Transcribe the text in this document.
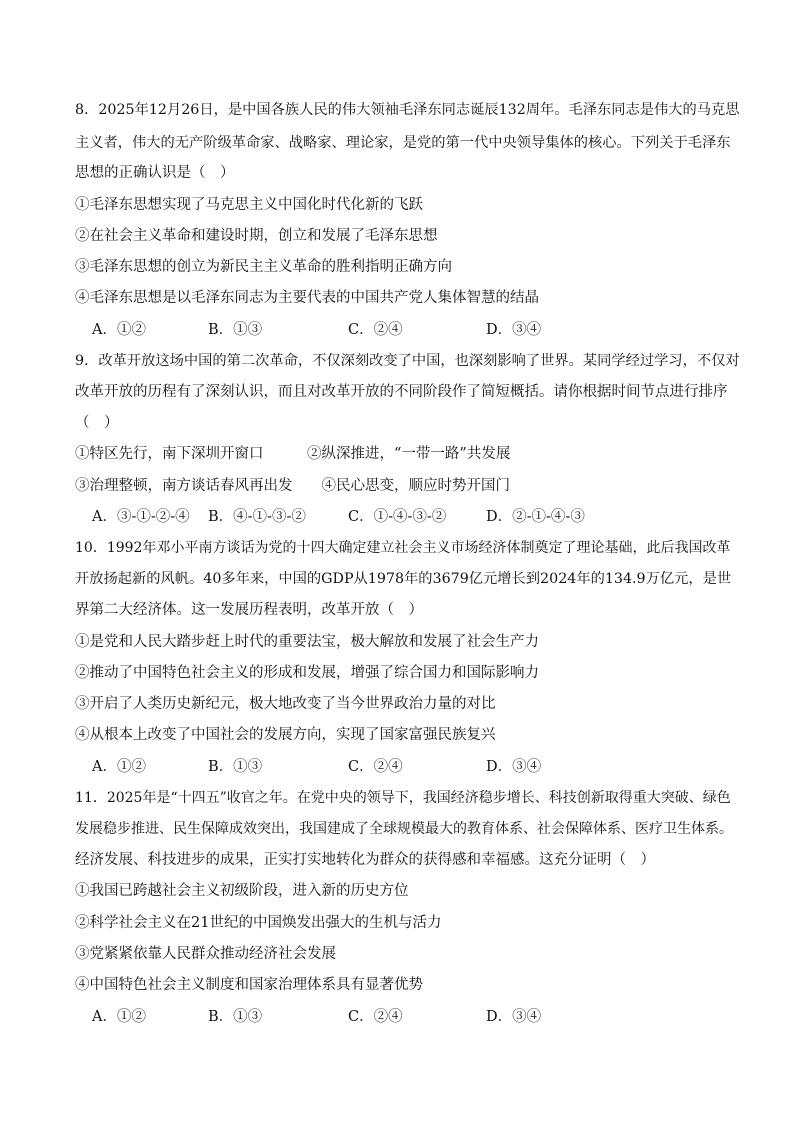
8．2025年12月26日，是中国各族人民的伟大领袖毛泽东同志诞辰132周年。毛泽东同志是伟大的马克思
主义者，伟大的无产阶级革命家、战略家、理论家，是党的第一代中央领导集体的核心。下列关于毛泽东
思想的正确认识是（　）
①毛泽东思想实现了马克思主义中国化时代化新的飞跃
②在社会主义革命和建设时期，创立和发展了毛泽东思想
③毛泽东思想的创立为新民主主义革命的胜利指明正确方向
④毛泽东思想是以毛泽东同志为主要代表的中国共产党人集体智慧的结晶
A．①②	B．①③	C．②④	D．③④
9．改革开放这场中国的第二次革命，不仅深刻改变了中国，也深刻影响了世界。某同学经过学习，不仅对
改革开放的历程有了深刻认识，而且对改革开放的不同阶段作了简短概括。请你根据时间节点进行排序
（　）
①特区先行，南下深圳开窗口　　　②纵深推进，“一带一路”共发展
③治理整顿，南方谈话春风再出发　　④民心思变，顺应时势开国门
A．③-①-②-④ B．④-①-③-②	C．①-④-③-②	D．②-①-④-③
10．1992年邓小平南方谈话为党的十四大确定建立社会主义市场经济体制奠定了理论基础，此后我国改革
开放扬起新的风帆。40多年来，中国的GDP从1978年的3679亿元增长到2024年的134.9万亿元，是世
界第二大经济体。这一发展历程表明，改革开放（　）
①是党和人民大踏步赶上时代的重要法宝，极大解放和发展了社会生产力
②推动了中国特色社会主义的形成和发展，增强了综合国力和国际影响力
③开启了人类历史新纪元，极大地改变了当今世界政治力量的对比
④从根本上改变了中国社会的发展方向，实现了国家富强民族复兴
A．①②	B．①③	C．②④	D．③④
11．2025年是“十四五”收官之年。在党中央的领导下，我国经济稳步增长、科技创新取得重大突破、绿色
发展稳步推进、民生保障成效突出，我国建成了全球规模最大的教育体系、社会保障体系、医疗卫生体系。
经济发展、科技进步的成果，正实打实地转化为群众的获得感和幸福感。这充分证明（　）
①我国已跨越社会主义初级阶段，进入新的历史方位
②科学社会主义在21世纪的中国焕发出强大的生机与活力
③党紧紧依靠人民群众推动经济社会发展
④中国特色社会主义制度和国家治理体系具有显著优势
A．①②	B．①③	C．②④	D．③④
